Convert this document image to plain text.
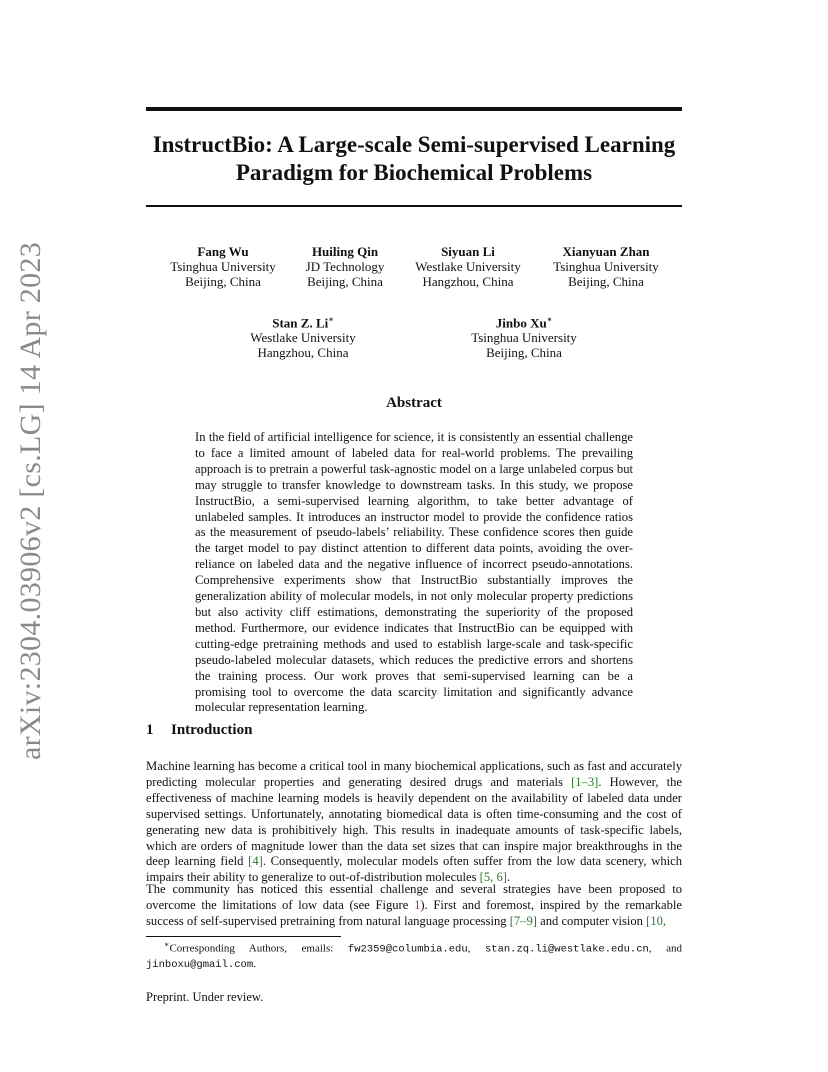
arXiv:2304.03906v2 [cs.LG] 14 Apr 2023
InstructBio: A Large-scale Semi-supervised Learning
Paradigm for Biochemical Problems
Fang Wu
Tsinghua University
Beijing, China
Huiling Qin
JD Technology
Beijing, China
Siyuan Li
Westlake University
Hangzhou, China
Xianyuan Zhan
Tsinghua University
Beijing, China
Stan Z. Li∗
Westlake University
Hangzhou, China
Jinbo Xu∗
Tsinghua University
Beijing, China
Abstract
In the field of artificial intelligence for science, it is consistently an essential challenge to face a limited amount of labeled data for real-world problems. The prevailing approach is to pretrain a powerful task-agnostic model on a large unlabeled corpus but may struggle to transfer knowledge to downstream tasks. In this study, we propose InstructBio, a semi-supervised learning algorithm, to take better advantage of unlabeled samples. It introduces an instructor model to provide the confidence ratios as the measurement of pseudo-labels’ reliability. These confidence scores then guide the target model to pay distinct attention to different data points, avoiding the over-reliance on labeled data and the negative influence of incorrect pseudo-annotations. Comprehensive experiments show that InstructBio substantially improves the generalization ability of molecular models, in not only molecular property predictions but also activity cliff estimations, demonstrating the superiority of the proposed method. Furthermore, our evidence indicates that InstructBio can be equipped with cutting-edge pretraining methods and used to establish large-scale and task-specific pseudo-labeled molecular datasets, which reduces the predictive errors and shortens the training process. Our work proves that semi-supervised learning can be a promising tool to overcome the data scarcity limitation and significantly advance molecular representation learning.
1 Introduction
Machine learning has become a critical tool in many biochemical applications, such as fast and accurately predicting molecular properties and generating desired drugs and materials [1–3]. However, the effectiveness of machine learning models is heavily dependent on the availability of labeled data under supervised settings. Unfortunately, annotating biomedical data is often time-consuming and the cost of generating new data is prohibitively high. This results in inadequate amounts of task-specific labels, which are orders of magnitude lower than the data set sizes that can inspire major breakthroughs in the deep learning field [4]. Consequently, molecular models often suffer from the low data scenery, which impairs their ability to generalize to out-of-distribution molecules [5, 6].
The community has noticed this essential challenge and several strategies have been proposed to overcome the limitations of low data (see Figure 1). First and foremost, inspired by the remarkable success of self-supervised pretraining from natural language processing [7–9] and computer vision [10,
∗Corresponding Authors, emails: fw2359@columbia.edu, stan.zq.li@westlake.edu.cn, and jinboxu@gmail.com.
Preprint. Under review.
